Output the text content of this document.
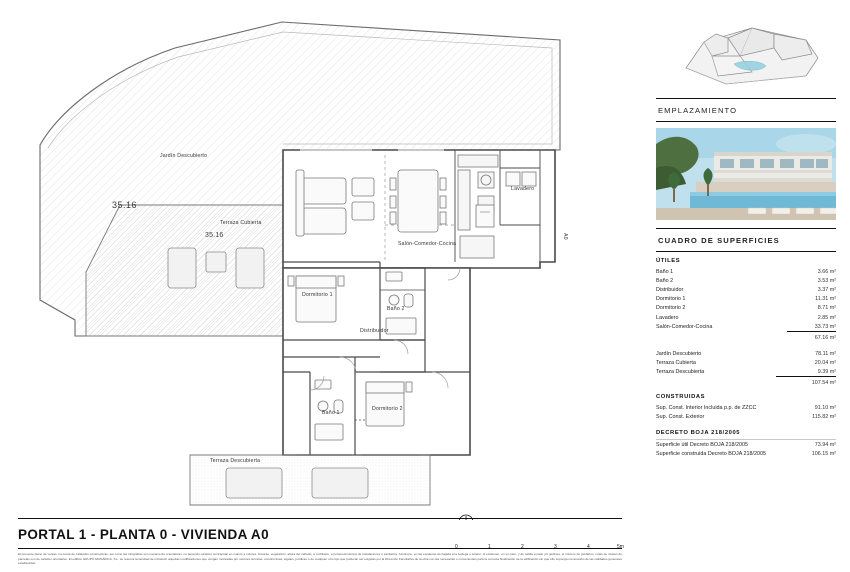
35.16
35.16
Jardín Descubierto
Terraza Cubierta
Salón-Comedor-Cocina
Lavadero
Dormitorio 1
Baño 2
Distribuidor
Baño 1
Dormitorio 2
Terraza Descubierta
A0
PORTAL 1 - PLANTA 0 - VIVIENDA A0
0	1	2	3	4	5m
El presente plano de ventas, memoria de calidades constructivas, así como las infografías son meramente orientativas, no teniendo carácter contractual en cuanto a colores, texturas, vegetación, altura del cañado, a mobiliario, a pertenecimientos de instalaciones o sanitarios. Asimismo, en las escaleras de bajada a la bodega o sótano, si existieren, en su caso, y de salida a patio y/o jardines, el número de peldaños, cotas de niveles de parcelas son de carácter orientativo. El edificio GRUPO MONÁRICA, S.L. se reserva la facultad de introducir aquellas modificaciones que vengan motivadas por razones técnicas, constructivas, legales, jurídicas o de cualquier otro tipo que pudieran ser exigidas por la Dirección Facultativa de la obra con las necesarias o convenientes para la correcta finalización de la edificación sin que ello suponga menoscabo de las calidades generales establecidas.
EMPLAZAMIENTO
CUADRO DE SUPERFICIES
ÚTILES
Baño 1	3.66 m²
Baño 2	3.53 m²
Distribuidor	3.37 m²
Dormitorio 1	11.31 m²
Dormitorio 2	8.71 m²
Lavadero	2.85 m²
Salón-Comedor-Cocina	33.73 m²
	67.16 m²
Jardín Descubierto	78.11 m²
Terraza Cubierta	20.04 m²
Terraza Descubierta	9.39 m²
	107.54 m²
CONSTRUIDAS
Sup. Const. Interior Incluida p.p. de ZZCC	91.10 m²
Sup. Const. Exterior	115.82 m²
DECRETO BOJA 218/2005
Superficie útil Decreto BOJA 218/2005	73.94 m²
Superficie construida Decreto BOJA 218/2005	106.15 m²
